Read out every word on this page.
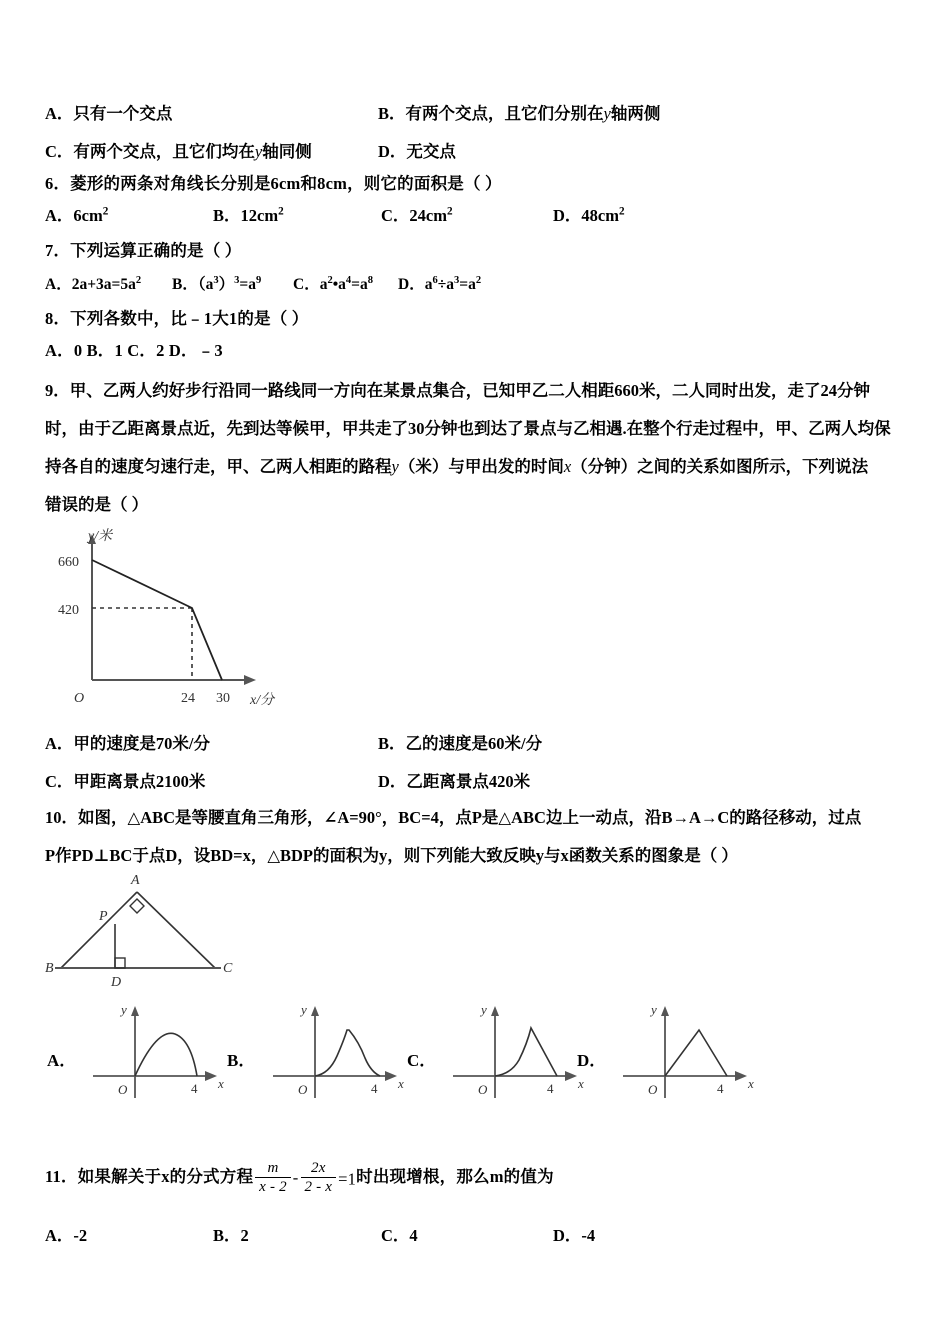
A．只有一个交点	B．有两个交点，且它们分别在y轴两侧
C．有两个交点，且它们均在y轴同侧	D．无交点
6．菱形的两条对角线长分别是6cm和8cm，则它的面积是（ ）
A．$6cm^2$	B．$12cm^2$	C．$24cm^2$	D．$48cm^2$
7．下列运算正确的是（ ）
A．$2a+3a=5a^2$ B．$(a^3)^3=a^9$ C．$a^2•a^4=a^8$ D．$a^6\div a^3=a^2$
8．下列各数中，比﹣1大1的是（ ）
A．0 B．1 C．2 D．﹣3
9．甲、乙两人约好步行沿同一路线同一方向在某景点集合，已知甲乙二人相距660米，二人同时出发，走了24分钟
时，由于乙距离景点近，先到达等候甲，甲共走了30分钟也到达了景点与乙相遇.在整个行走过程中，甲、乙两人均保
持各自的速度匀速行走，甲、乙两人相距的路程y（米）与甲出发的时间x（分钟）之间的关系如图所示，下列说法
错误的是（ ）
y/米
660
420
O	24 30 x/分
A．甲的速度是70米/分	B．乙的速度是60米/分
C．甲距离景点2100米	D．乙距离景点420米
10．如图，△ABC是等腰直角三角形，∠A=90°，BC=4，点P是△ABC边上一动点，沿B→A→C的路径移动，过点
P作PD⊥BC于点D，设BD=x，△BDP的面积为y，则下列能大致反映y与x函数关系的图象是（ ）
A
P
B
D
C
A．
O	4
y
x
B．
O	4
y
x
C．
O	4
y
x
D．
O	4
y
x
11．如果解关于x的分式方程 $\frac{m}{x - 2} - \frac{2x}{2 - x} =1$时出现增根，那么m的值为
A．-2	B．2	C．4	D．-4
